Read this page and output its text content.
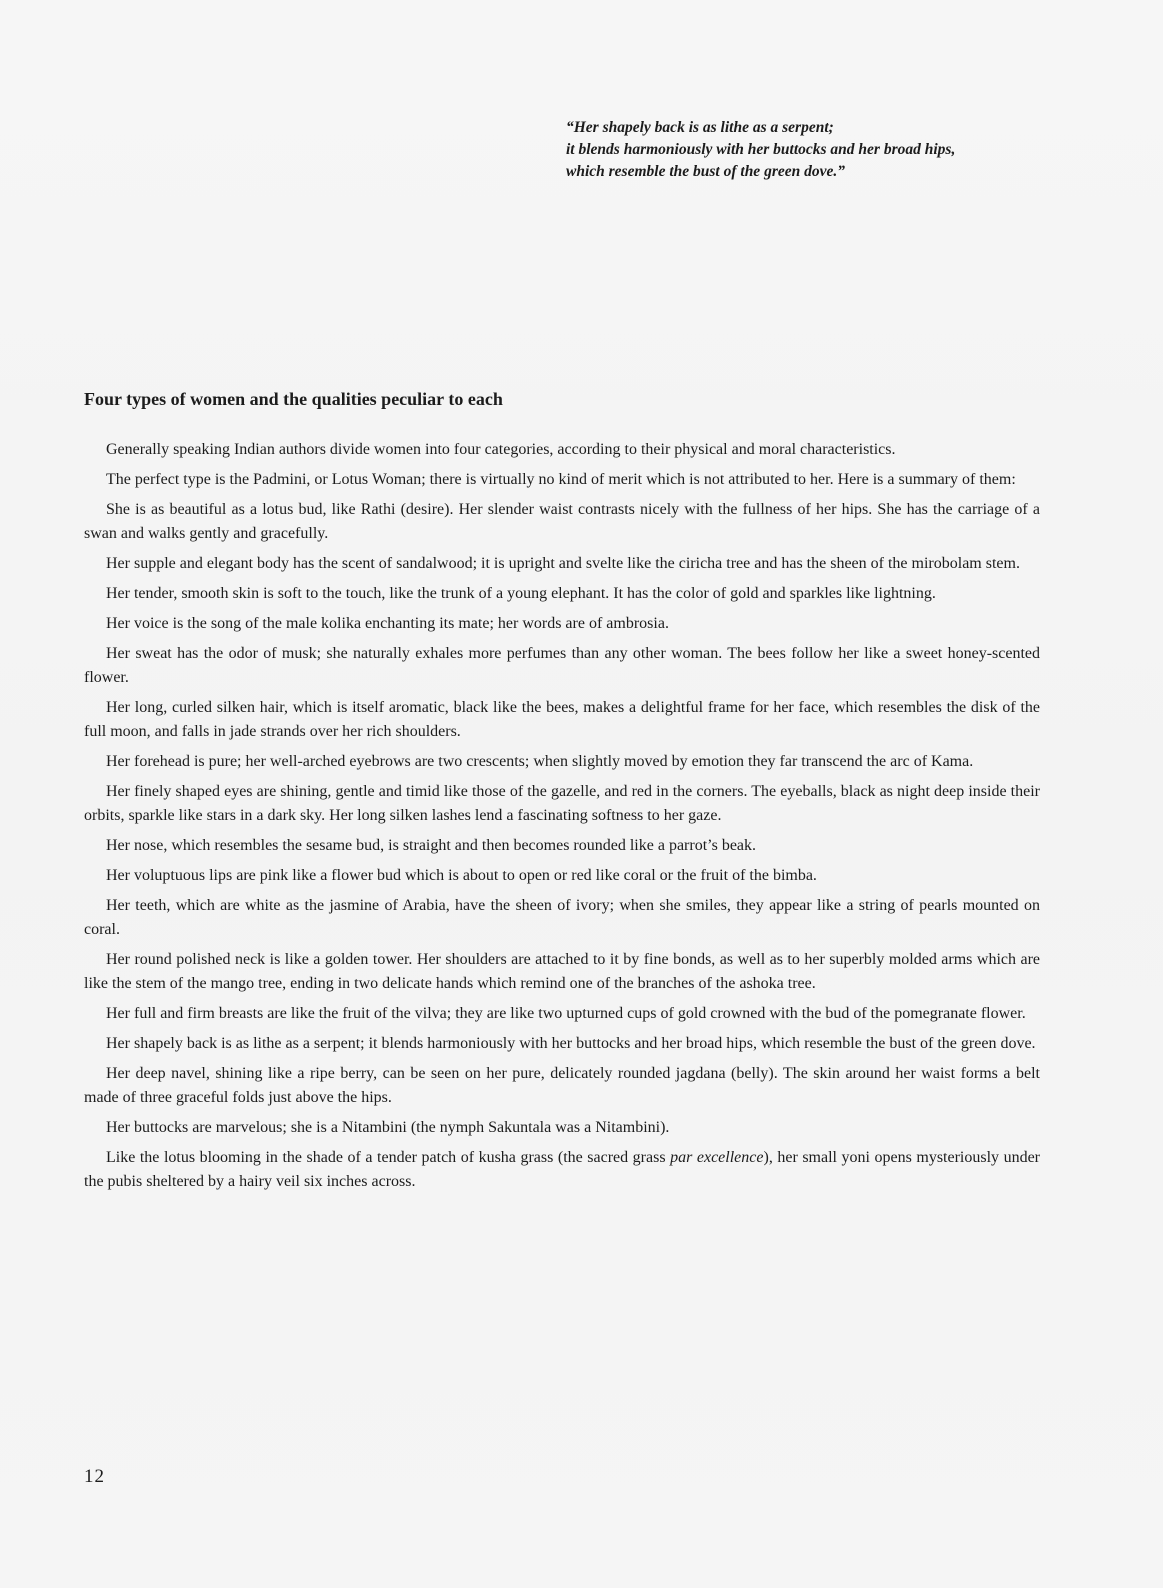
“Her shapely back is as lithe as a serpent;
it blends harmoniously with her buttocks and her broad hips,
which resemble the bust of the green dove.”
Four types of women and the qualities peculiar to each

Generally speaking Indian authors divide women into four categories, according to their physical and moral characteristics.

The perfect type is the Padmini, or Lotus Woman; there is virtually no kind of merit which is not attributed to her. Here is a summary of them:

She is as beautiful as a lotus bud, like Rathi (desire). Her slender waist contrasts nicely with the fullness of her hips. She has the carriage of a swan and walks gently and gracefully.

Her supple and elegant body has the scent of sandalwood; it is upright and svelte like the ciricha tree and has the sheen of the mirobolam stem.

Her tender, smooth skin is soft to the touch, like the trunk of a young elephant. It has the color of gold and sparkles like lightning.

Her voice is the song of the male kolika enchanting its mate; her words are of ambrosia.

Her sweat has the odor of musk; she naturally exhales more perfumes than any other woman. The bees follow her like a sweet honey-scented flower.

Her long, curled silken hair, which is itself aromatic, black like the bees, makes a delightful frame for her face, which resembles the disk of the full moon, and falls in jade strands over her rich shoulders.

Her forehead is pure; her well-arched eyebrows are two crescents; when slightly moved by emotion they far transcend the arc of Kama.

Her finely shaped eyes are shining, gentle and timid like those of the gazelle, and red in the corners. The eyeballs, black as night deep inside their orbits, sparkle like stars in a dark sky. Her long silken lashes lend a fascinating softness to her gaze.

Her nose, which resembles the sesame bud, is straight and then becomes rounded like a parrot’s beak.

Her voluptuous lips are pink like a flower bud which is about to open or red like coral or the fruit of the bimba.

Her teeth, which are white as the jasmine of Arabia, have the sheen of ivory; when she smiles, they appear like a string of pearls mounted on coral.

Her round polished neck is like a golden tower. Her shoulders are attached to it by fine bonds, as well as to her superbly molded arms which are like the stem of the mango tree, ending in two delicate hands which remind one of the branches of the ashoka tree.

Her full and firm breasts are like the fruit of the vilva; they are like two upturned cups of gold crowned with the bud of the pomegranate flower.

Her shapely back is as lithe as a serpent; it blends harmoniously with her buttocks and her broad hips, which resemble the bust of the green dove.

Her deep navel, shining like a ripe berry, can be seen on her pure, delicately rounded jagdana (belly). The skin around her waist forms a belt made of three graceful folds just above the hips.

Her buttocks are marvelous; she is a Nitambini (the nymph Sakuntala was a Nitambini).

Like the lotus blooming in the shade of a tender patch of kusha grass (the sacred grass par excellence), her small yoni opens mysteriously under the pubis sheltered by a hairy veil six inches across.

12
